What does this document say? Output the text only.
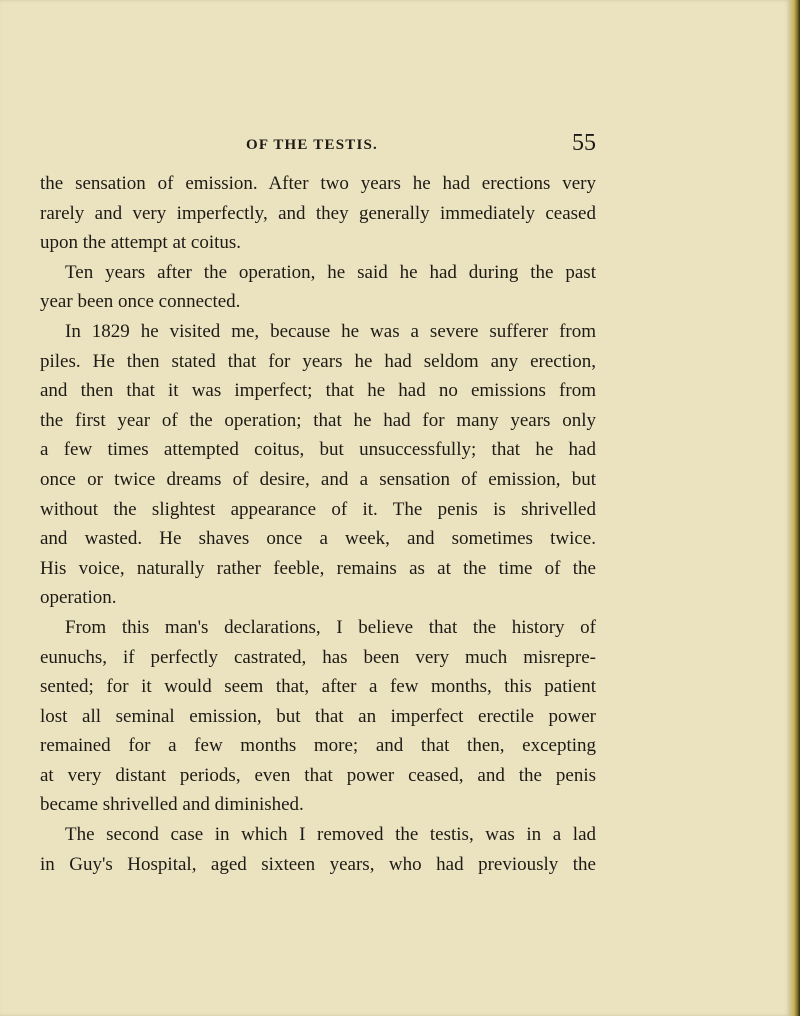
OF THE TESTIS.	55
the sensation of emission. After two years he had erections very
rarely and very imperfectly, and they generally immediately ceased
upon the attempt at coitus.
Ten years after the operation, he said he had during the past
year been once connected.
In 1829 he visited me, because he was a severe sufferer from
piles. He then stated that for years he had seldom any erection,
and then that it was imperfect; that he had no emissions from
the first year of the operation; that he had for many years only
a few times attempted coitus, but unsuccessfully; that he had
once or twice dreams of desire, and a sensation of emission, but
without the slightest appearance of it. The penis is shrivelled
and wasted. He shaves once a week, and sometimes twice.
His voice, naturally rather feeble, remains as at the time of the
operation.
From this man's declarations, I believe that the history of
eunuchs, if perfectly castrated, has been very much misrepre-
sented; for it would seem that, after a few months, this patient
lost all seminal emission, but that an imperfect erectile power
remained for a few months more; and that then, excepting
at very distant periods, even that power ceased, and the penis
became shrivelled and diminished.
The second case in which I removed the testis, was in a lad
in Guy's Hospital, aged sixteen years, who had previously the
